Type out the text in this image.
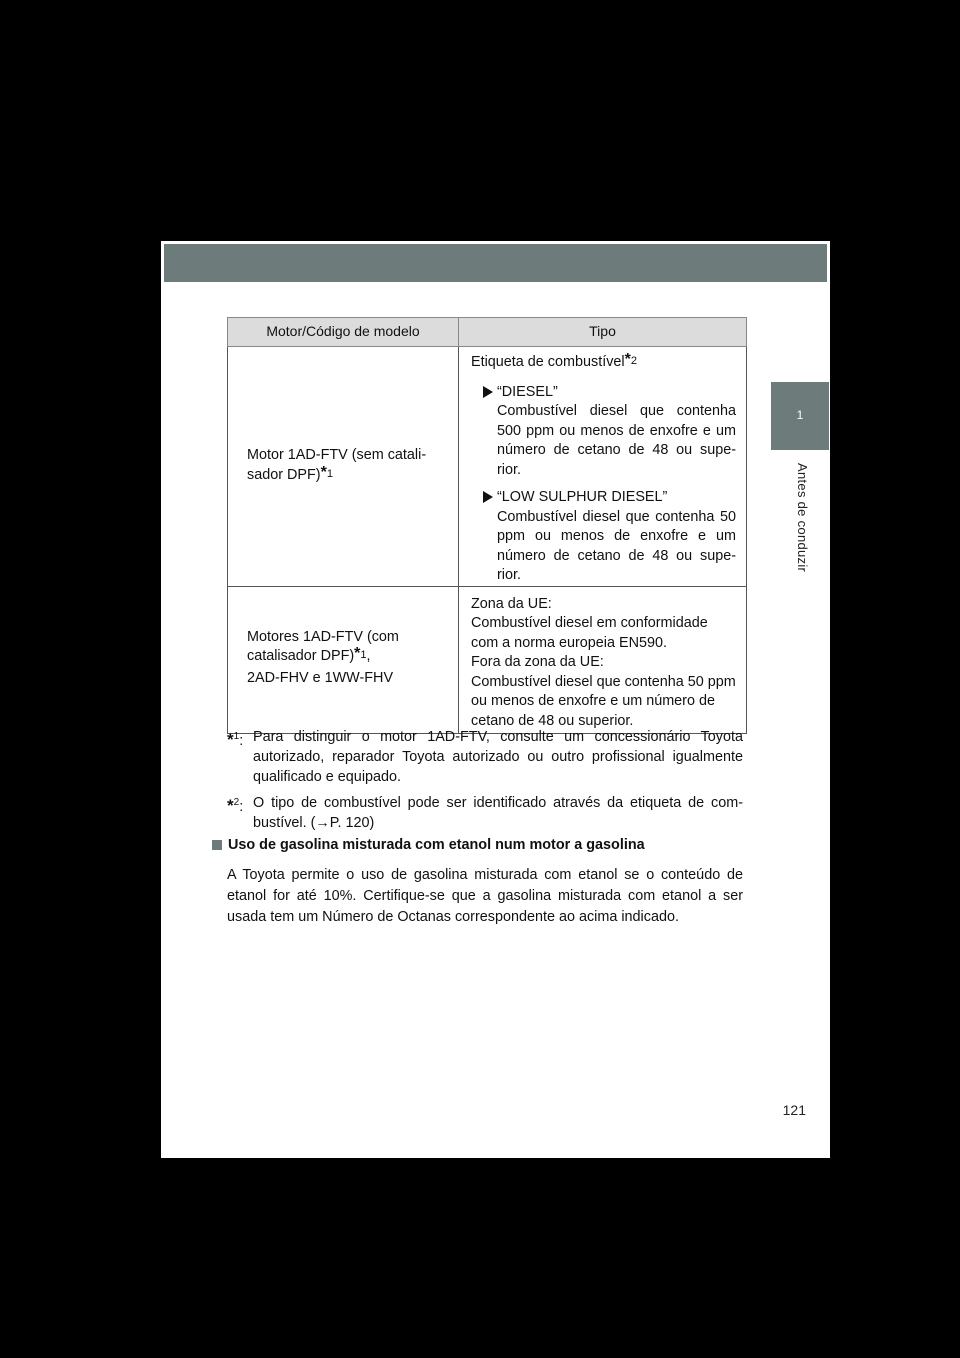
1
Antes de conduzir
Motor/Código de modelo	Tipo

Motor 1AD-FTV (sem catali-sador DPF)$^{*1}$	Etiqueta de combustível$^{*2}$
“DIESEL”
Combustível diesel que contenha 500 ppm ou menos de enxofre e um número de cetano de 48 ou supe-rior.
“LOW SULPHUR DIESEL”
Combustível diesel que contenha 50 ppm ou menos de enxofre e um número de cetano de 48 ou supe-rior.

Motores 1AD-FTV (com catalisador DPF)$^{*1}$,
2AD-FHV e 1WW-FHV	Zona da UE:
Combustível diesel em conformidade com a norma europeia EN590.
Fora da zona da UE:
Combustível diesel que contenha 50 ppm ou menos de enxofre e um número de cetano de 48 ou superior.
*$^1$: Para distinguir o motor 1AD-FTV, consulte um concessionário Toyota autorizado, reparador Toyota autorizado ou outro profissional igualmente qualificado e equipado.
*$^2$: O tipo de combustível pode ser identificado através da etiqueta de com-bustível. (→P. 120)
Uso de gasolina misturada com etanol num motor a gasolina
A Toyota permite o uso de gasolina misturada com etanol se o conteúdo de etanol for até 10%. Certifique-se que a gasolina misturada com etanol a ser usada tem um Número de Octanas correspondente ao acima indicado.
121
